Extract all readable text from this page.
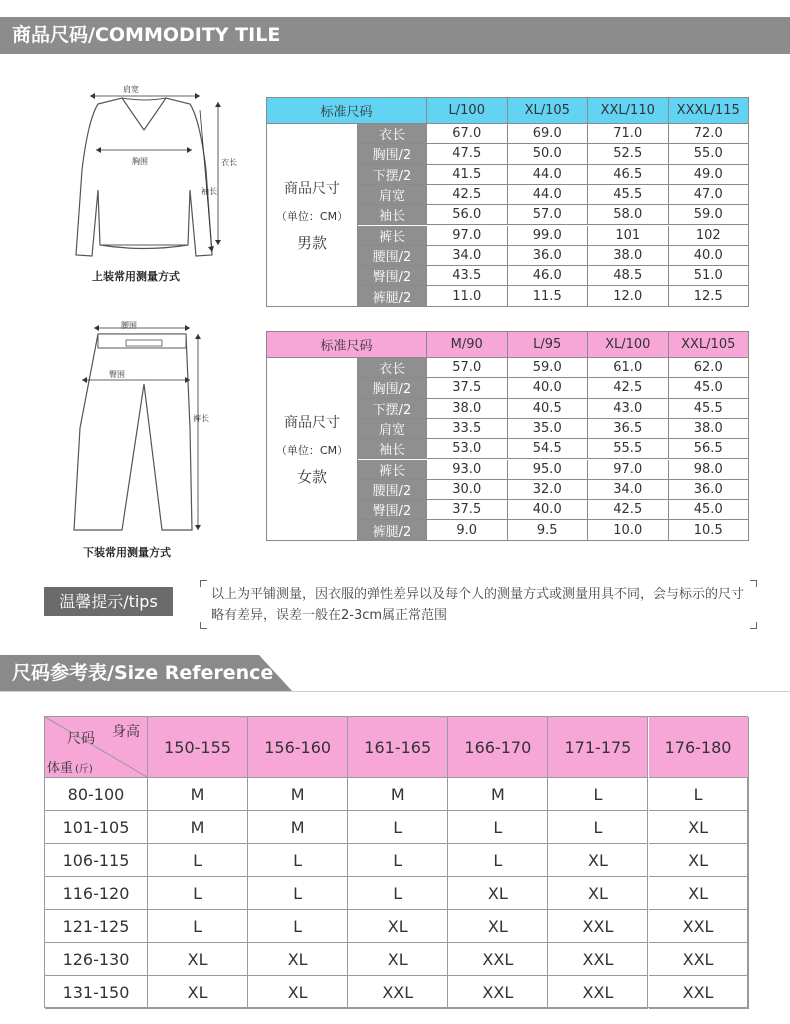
商品尺码/COMMODITY TILE
肩宽
胸围	衣长
袖长
上装常用测量方式
标准尺码	L/100	XL/105	XXL/110	XXXL/115
商品尺寸
（单位：CM）
男款
衣长	67.0	69.0	71.0	72.0
胸围/2	47.5	50.0	52.5	55.0
下摆/2	41.5	44.0	46.5	49.0
肩宽	42.5	44.0	45.5	47.0
袖长	56.0	57.0	58.0	59.0
裤长	97.0	99.0	101	102
腰围/2	34.0	36.0	38.0	40.0
臀围/2	43.5	46.0	48.5	51.0
裤腿/2	11.0	11.5	12.0	12.5
腰围
臀围
裤长
下装常用测量方式
标准尺码	M/90	L/95	XL/100	XXL/105
商品尺寸
（单位：CM）
女款
衣长	57.0	59.0	61.0	62.0
胸围/2	37.5	40.0	42.5	45.0
下摆/2	38.0	40.5	43.0	45.5
肩宽	33.5	35.0	36.5	38.0
袖长	53.0	54.5	55.5	56.5
裤长	93.0	95.0	97.0	98.0
腰围/2	30.0	32.0	34.0	36.0
臀围/2	37.5	40.0	42.5	45.0
裤腿/2	9.0	9.5	10.0	10.5
温馨提示/tips	以上为平铺测量，因衣服的弹性差异以及每个人的测量方式或测量用具不同，会与标示的尺寸略有差异，误差一般在2-3cm属正常范围
尺码参考表/Size Reference
身高
尺码
体重 (斤)
150-155	156-160	161-165	166-170	171-175	176-180
80-100	M	M	M	M	L	L
101-105	M	M	L	L	L	XL
106-115	L	L	L	L	XL	XL
116-120	L	L	L	XL	XL	XL
121-125	L	L	XL	XL	XXL	XXL
126-130	XL	XL	XL	XXL	XXL	XXL
131-150	XL	XL	XXL	XXL	XXL	XXL
